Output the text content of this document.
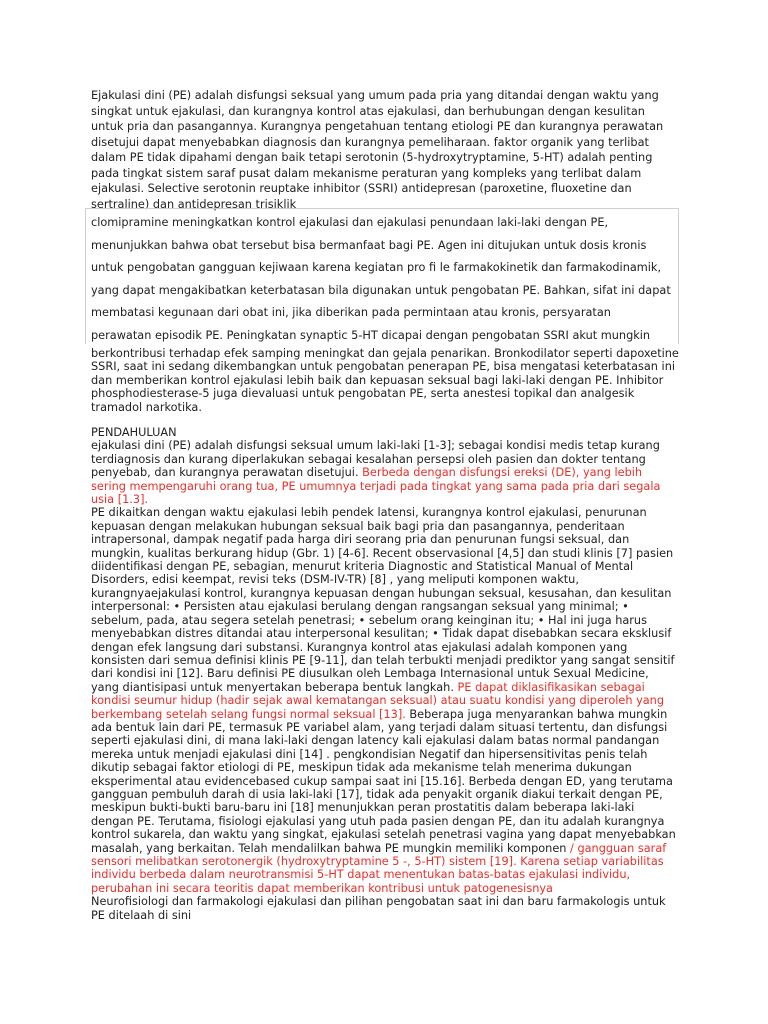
Ejakulasi dini (PE) adalah disfungsi seksual yang umum pada pria yang ditandai dengan waktu yang singkat untuk ejakulasi, dan kurangnya kontrol atas ejakulasi, dan berhubungan dengan kesulitan untuk pria dan pasangannya. Kurangnya pengetahuan tentang etiologi PE dan kurangnya perawatan disetujui dapat menyebabkan diagnosis dan kurangnya pemeliharaan. faktor organik yang terlibat dalam PE tidak dipahami dengan baik tetapi serotonin (5-hydroxytryptamine, 5-HT) adalah penting pada tingkat sistem saraf pusat dalam mekanisme peraturan yang kompleks yang terlibat dalam ejakulasi. Selective serotonin reuptake inhibitor (SSRI) antidepresan (paroxetine, fluoxetine dan sertraline) dan antidepresan trisiklik

clomipramine meningkatkan kontrol ejakulasi dan ejakulasi penundaan laki-laki dengan PE, menunjukkan bahwa obat tersebut bisa bermanfaat bagi PE. Agen ini ditujukan untuk dosis kronis untuk pengobatan gangguan kejiwaan karena kegiatan pro fi le farmakokinetik dan farmakodinamik, yang dapat mengakibatkan keterbatasan bila digunakan untuk pengobatan PE. Bahkan, sifat ini dapat membatasi kegunaan dari obat ini, jika diberikan pada permintaan atau kronis, persyaratan perawatan episodik PE. Peningkatan synaptic 5-HT dicapai dengan pengobatan SSRI akut mungkin

berkontribusi terhadap efek samping meningkat dan gejala penarikan. Bronkodilator seperti dapoxetine SSRI, saat ini sedang dikembangkan untuk pengobatan penerapan PE, bisa mengatasi keterbatasan ini dan memberikan kontrol ejakulasi lebih baik dan kepuasan seksual bagi laki-laki dengan PE. Inhibitor phosphodiesterase-5 juga dievaluasi untuk pengobatan PE, serta anestesi topikal dan analgesik tramadol narkotika.

PENDAHULUAN

ejakulasi dini (PE) adalah disfungsi seksual umum laki-laki [1-3]; sebagai kondisi medis tetap kurang terdiagnosis dan kurang diperlakukan sebagai kesalahan persepsi oleh pasien dan dokter tentang penyebab, dan kurangnya perawatan disetujui. Berbeda dengan disfungsi ereksi (DE), yang lebih sering mempengaruhi orang tua, PE umumnya terjadi pada tingkat yang sama pada pria dari segala usia [1.3].

PE dikaitkan dengan waktu ejakulasi lebih pendek latensi, kurangnya kontrol ejakulasi, penurunan kepuasan dengan melakukan hubungan seksual baik bagi pria dan pasangannya, penderitaan intrapersonal, dampak negatif pada harga diri seorang pria dan penurunan fungsi seksual, dan mungkin, kualitas berkurang hidup (Gbr. 1) [4-6]. Recent observasional [4,5] dan studi klinis [7] pasien diidentifikasi dengan PE, sebagian, menurut kriteria Diagnostic and Statistical Manual of Mental Disorders, edisi keempat, revisi teks (DSM-IV-TR) [8] , yang meliputi komponen waktu, kurangnyaejakulasi kontrol, kurangnya kepuasan dengan hubungan seksual, kesusahan, dan kesulitan interpersonal: • Persisten atau ejakulasi berulang dengan rangsangan seksual yang minimal; • sebelum, pada, atau segera setelah penetrasi; • sebelum orang keinginan itu; • Hal ini juga harus menyebabkan distres ditandai atau interpersonal kesulitan; • Tidak dapat disebabkan secara eksklusif dengan efek langsung dari substansi. Kurangnya kontrol atas ejakulasi adalah komponen yang konsisten dari semua definisi klinis PE [9-11], dan telah terbukti menjadi prediktor yang sangat sensitif dari kondisi ini [12]. Baru definisi PE diusulkan oleh Lembaga Internasional untuk Sexual Medicine, yang diantisipasi untuk menyertakan beberapa bentuk langkah. PE dapat diklasifikasikan sebagai kondisi seumur hidup (hadir sejak awal kematangan seksual) atau suatu kondisi yang diperoleh yang berkembang setelah selang fungsi normal seksual [13]. Beberapa juga menyarankan bahwa mungkin ada bentuk lain dari PE, termasuk PE variabel alam, yang terjadi dalam situasi tertentu, dan disfungsi seperti ejakulasi dini, di mana laki-laki dengan latency kali ejakulasi dalam batas normal pandangan mereka untuk menjadi ejakulasi dini [14] . pengkondisian Negatif dan hipersensitivitas penis telah dikutip sebagai faktor etiologi di PE, meskipun tidak ada mekanisme telah menerima dukungan eksperimental atau evidencebased cukup sampai saat ini [15.16]. Berbeda dengan ED, yang terutama gangguan pembuluh darah di usia laki-laki [17], tidak ada penyakit organik diakui terkait dengan PE, meskipun bukti-bukti baru-baru ini [18] menunjukkan peran prostatitis dalam beberapa laki-laki dengan PE. Terutama, fisiologi ejakulasi yang utuh pada pasien dengan PE, dan itu adalah kurangnya kontrol sukarela, dan waktu yang singkat, ejakulasi setelah penetrasi vagina yang dapat menyebabkan masalah, yang berkaitan. Telah mendalilkan bahwa PE mungkin memiliki komponen / gangguan saraf sensori melibatkan serotonergik (hydroxytryptamine 5 -, 5-HT) sistem [19]. Karena setiap variabilitas individu berbeda dalam neurotransmisi 5-HT dapat menentukan batas-batas ejakulasi individu, perubahan ini secara teoritis dapat memberikan kontribusi untuk patogenesisnya

Neurofisiologi dan farmakologi ejakulasi dan pilihan pengobatan saat ini dan baru farmakologis untuk PE ditelaah di sini
